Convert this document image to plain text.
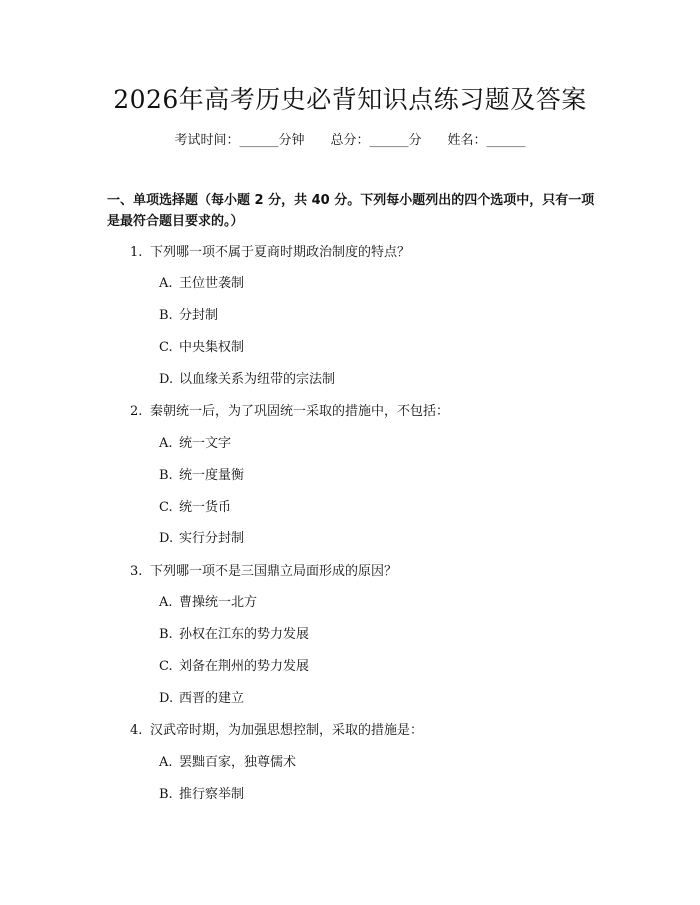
2026年高考历史必背知识点练习题及答案
考试时间：______分钟 总分：______分 姓名：______
一、单项选择题（每小题 2 分，共 40 分。下列每小题列出的四个选项中，只有一项是最符合题目要求的。）
1. 下列哪一项不属于夏商时期政治制度的特点？
A. 王位世袭制
B. 分封制
C. 中央集权制
D. 以血缘关系为纽带的宗法制
2. 秦朝统一后，为了巩固统一采取的措施中，不包括：
A. 统一文字
B. 统一度量衡
C. 统一货币
D. 实行分封制
3. 下列哪一项不是三国鼎立局面形成的原因？
A. 曹操统一北方
B. 孙权在江东的势力发展
C. 刘备在荆州的势力发展
D. 西晋的建立
4. 汉武帝时期，为加强思想控制，采取的措施是：
A. 罢黜百家，独尊儒术
B. 推行察举制
